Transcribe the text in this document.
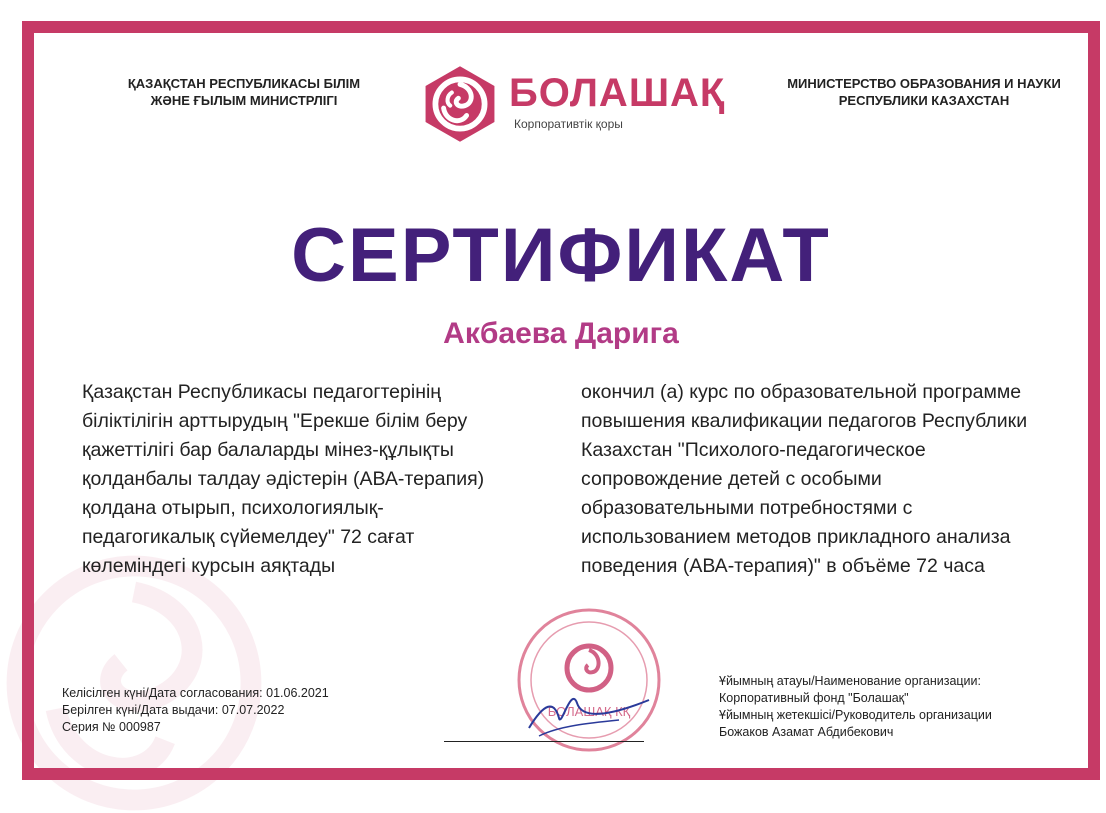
ҚАЗАҚСТАН РЕСПУБЛИКАСЫ БІЛІМ
ЖӘНЕ ҒЫЛЫМ МИНИСТРЛІГІ	БОЛАШАҚ
Корпоративтік қоры
МИНИСТЕРСТВО ОБРАЗОВАНИЯ И НАУКИ
РЕСПУБЛИКИ КАЗАХСТАН
СЕРТИФИКАТ
Акбаева Дарига
Қазақстан Республикасы педагогтерінің
біліктілігін арттырудың "Ерекше білім беру
қажеттілігі бар балаларды мінез-құлықты
қолданбалы талдау әдістерін (АВА-терапия)
қолдана отырып, психологиялық-
педагогикалық сүйемелдеу" 72 сағат
көлеміндегі курсын аяқтады
окончил (а) курс по образовательной программе
повышения квалификации педагогов Республики
Казахстан "Психолого-педагогическое
сопровождение детей с особыми
образовательными потребностями с
использованием методов прикладного анализа
поведения (АВА-терапия)" в объёме 72 часа
БОЛАШАҚ КҚ
Келісілген күні/Дата согласования: 01.06.2021
Берілген күні/Дата выдачи: 07.07.2022
Серия № 000987
Ұйымның атауы/Наименование организации:
Корпоративный фонд "Болашақ"
Ұйымның жетекшісі/Руководитель организации
Божаков Азамат Абдибекович
